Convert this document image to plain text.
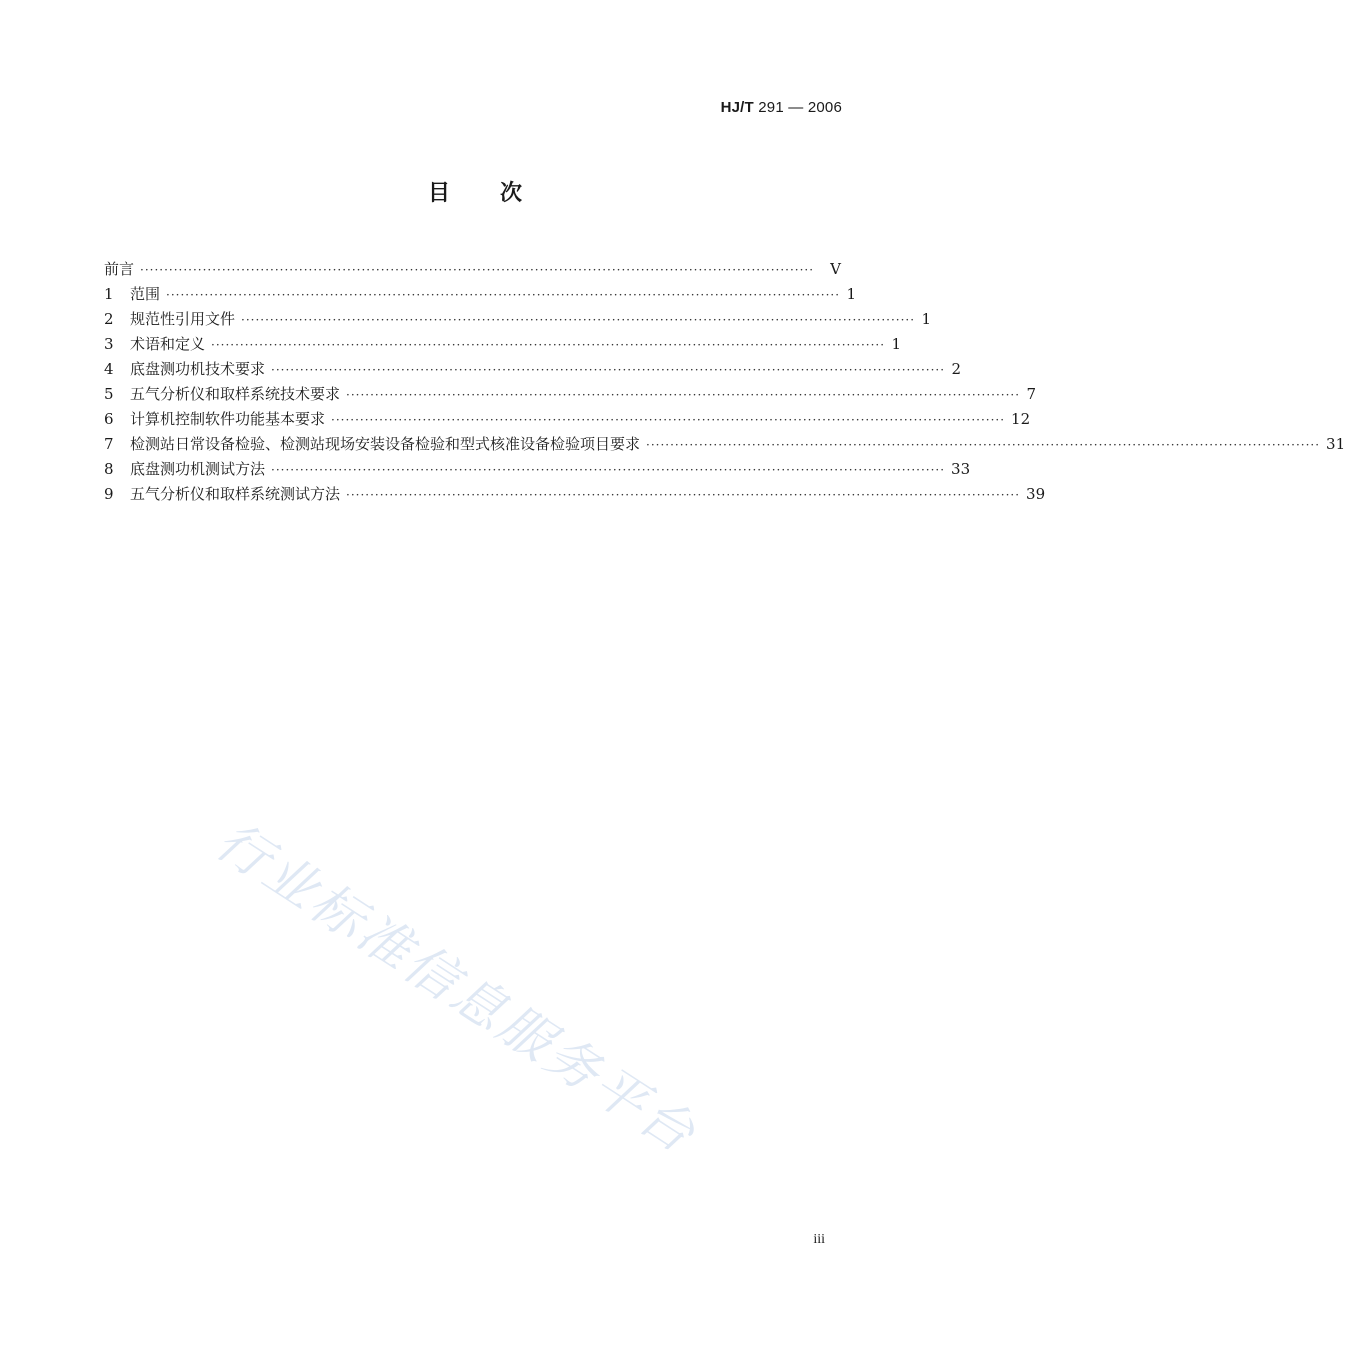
HJ/T 291 — 2006
目 次
前言 ············································································································································	Ⅴ
1	范围 ············································································································································ 1
2	规范性引用文件 ············································································································································ 1
3	术语和定义 ············································································································································ 1
4	底盘测功机技术要求 ············································································································································ 2
5	五气分析仪和取样系统技术要求 ············································································································································ 7
6	计算机控制软件功能基本要求 ············································································································································ 12
7	检测站日常设备检验、检测站现场安装设备检验和型式核准设备检验项目要求 ············································································································································ 31
8	底盘测功机测试方法 ············································································································································ 33
9	五气分析仪和取样系统测试方法 ············································································································································ 39
行业标准信息服务平台
iii
